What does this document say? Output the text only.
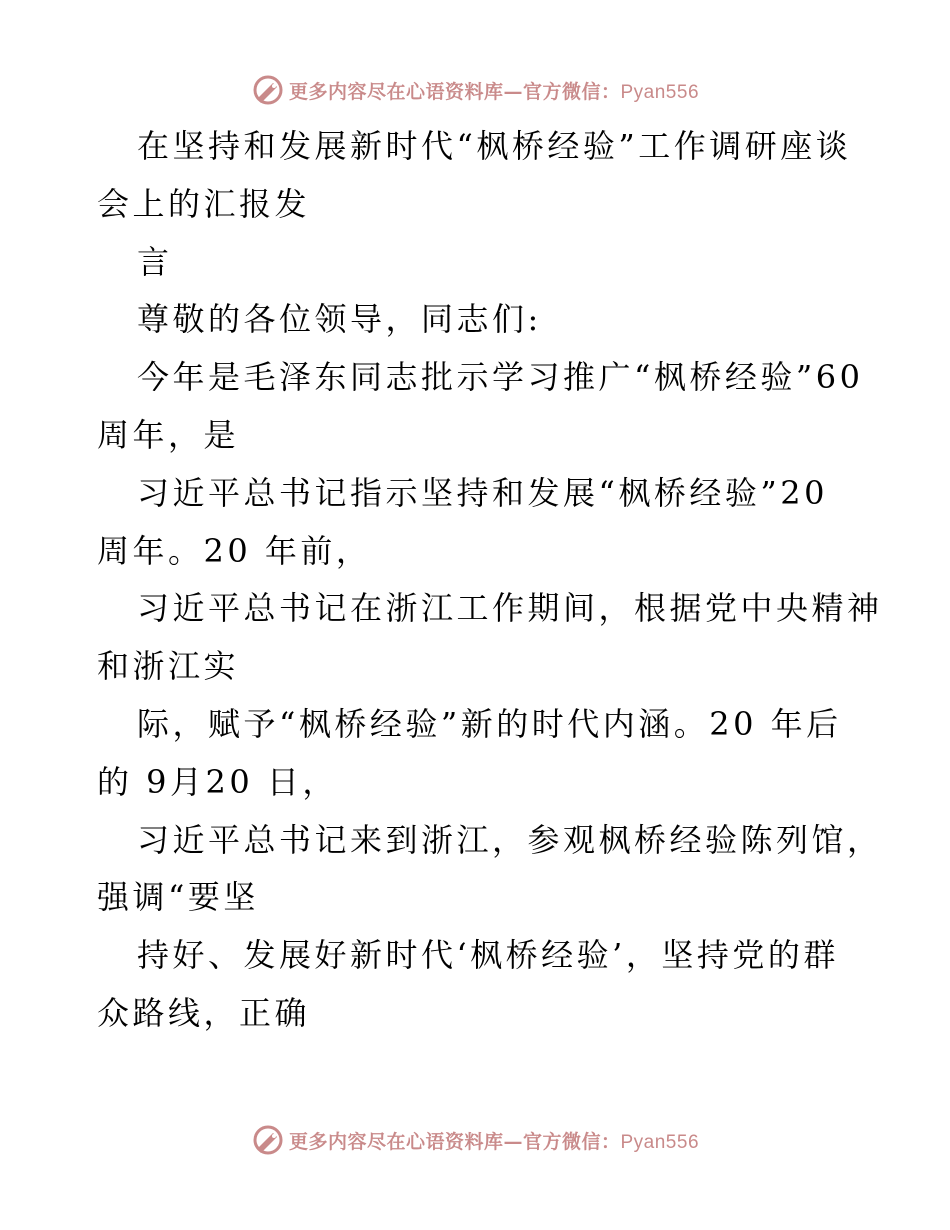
更多内容尽在心语资料库—官方微信：Pyan556
在坚持和发展新时代“枫桥经验”工作调研座谈
会上的汇报发
言
尊敬的各位领导，同志们:
今年是毛泽东同志批示学习推广“枫桥经验”60
周年，是
习近平总书记指示坚持和发展“枫桥经验”20
周年。20 年前，
习近平总书记在浙江工作期间，根据党中央精神
和浙江实
际，赋予“枫桥经验”新的时代内涵。20 年后
的 9月20 日，
习近平总书记来到浙江，参观枫桥经验陈列馆，
强调“要坚
持好、发展好新时代‘枫桥经验’，坚持党的群
众路线，正确
更多内容尽在心语资料库—官方微信：Pyan556
